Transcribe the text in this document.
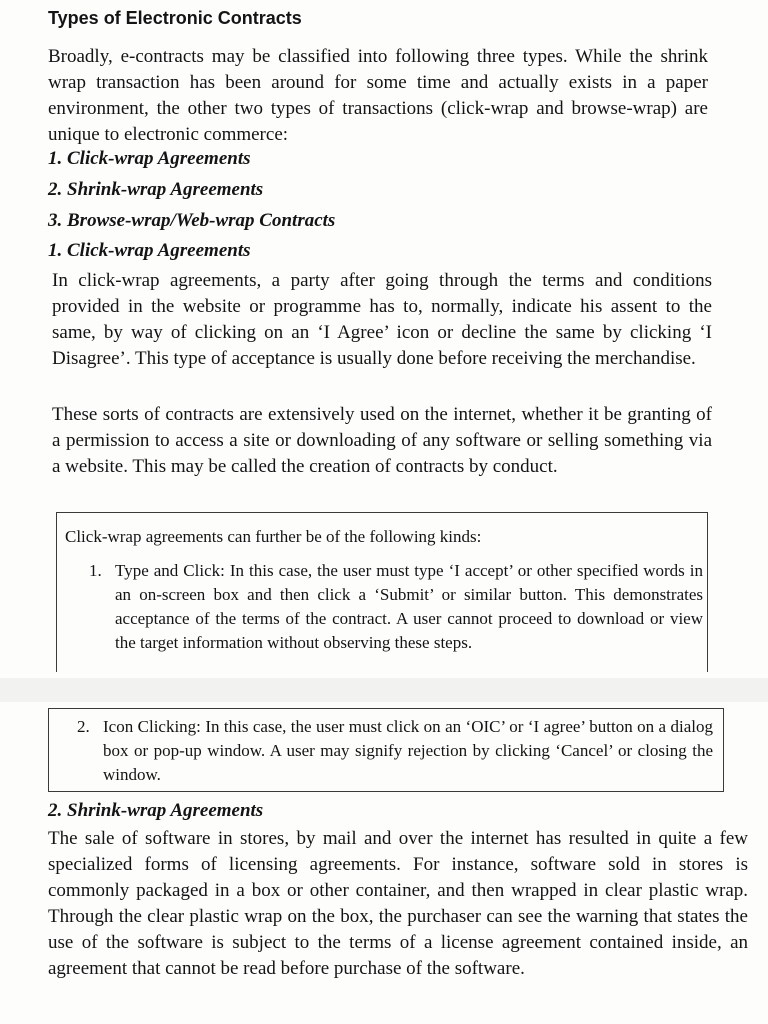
Types of Electronic Contracts

Broadly, e-contracts may be classified into following three types. While the shrink wrap transaction has been around for some time and actually exists in a paper environment, the other two types of transactions (click-wrap and browse-wrap) are unique to electronic commerce:

1. Click-wrap Agreements
2. Shrink-wrap Agreements
3. Browse-wrap/Web-wrap Contracts
1. Click-wrap Agreements

In click-wrap agreements, a party after going through the terms and conditions provided in the website or programme has to, normally, indicate his assent to the same, by way of clicking on an ‘I Agree’ icon or decline the same by clicking ‘I Disagree’. This type of acceptance is usually done before receiving the merchandise.

These sorts of contracts are extensively used on the internet, whether it be granting of a permission to access a site or downloading of any software or selling something via a website. This may be called the creation of contracts by conduct.

Click-wrap agreements can further be of the following kinds:

1. Type and Click: In this case, the user must type ‘I accept’ or other specified words in an on-screen box and then click a ‘Submit’ or similar button. This demonstrates acceptance of the terms of the contract. A user cannot proceed to download or view the target information without observing these steps.
2. Icon Clicking: In this case, the user must click on an ‘OIC’ or ‘I agree’ button on a dialog box or pop-up window. A user may signify rejection by clicking ‘Cancel’ or closing the window.
2. Shrink-wrap Agreements

The sale of software in stores, by mail and over the internet has resulted in quite a few specialized forms of licensing agreements. For instance, software sold in stores is commonly packaged in a box or other container, and then wrapped in clear plastic wrap. Through the clear plastic wrap on the box, the purchaser can see the warning that states the use of the software is subject to the terms of a license agreement contained inside, an agreement that cannot be read before purchase of the software.
